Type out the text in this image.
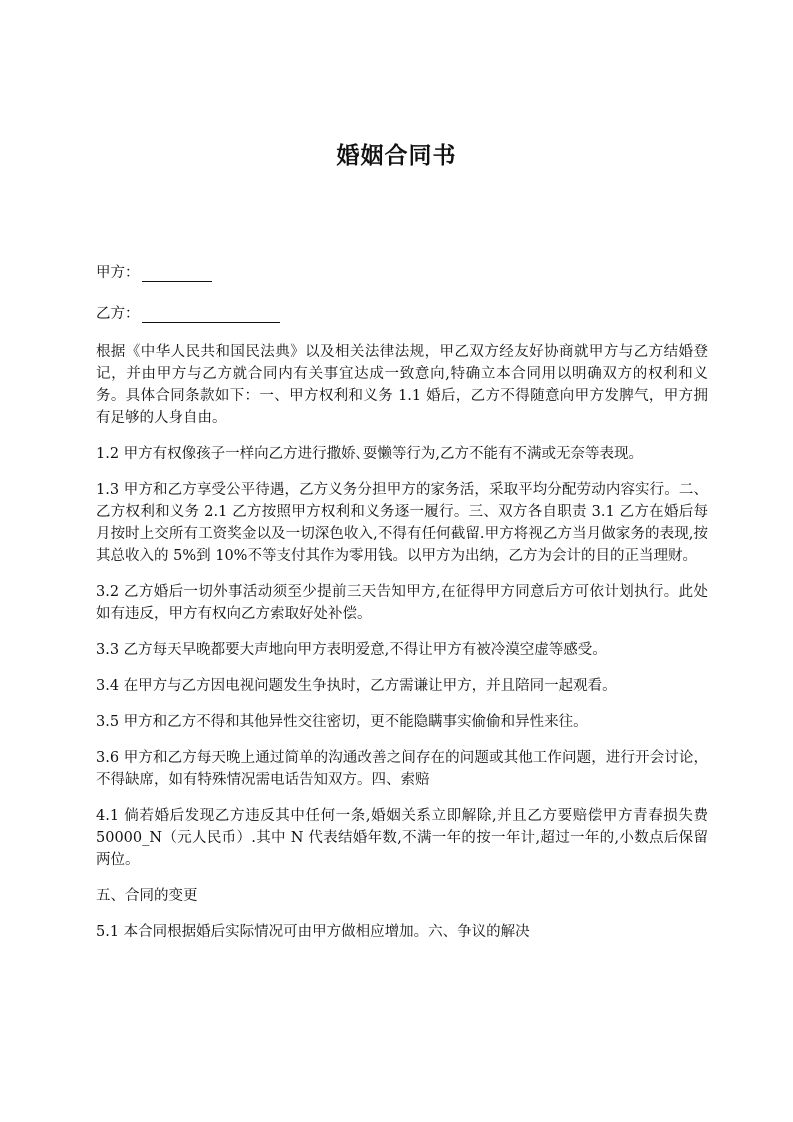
婚姻合同书
甲方：
乙方：

根据《中华人民共和国民法典》以及相关法律法规，甲乙双方经友好协商就甲方与乙方结婚登记，并由甲方与乙方就合同内有关事宜达成一致意向,特确立本合同用以明确双方的权利和义务。具体合同条款如下：一、甲方权利和义务 1.1 婚后，乙方不得随意向甲方发脾气，甲方拥有足够的人身自由。

1.2 甲方有权像孩子一样向乙方进行撒娇､耍懒等行为,乙方不能有不满或无奈等表现。

1.3 甲方和乙方享受公平待遇，乙方义务分担甲方的家务活，采取平均分配劳动内容实行。二、乙方权利和义务 2.1 乙方按照甲方权利和义务逐一履行。三、双方各自职责 3.1 乙方在婚后每月按时上交所有工资奖金以及一切深色收入,不得有任何截留.甲方将视乙方当月做家务的表现,按其总收入的 5%到 10%不等支付其作为零用钱。以甲方为出纳，乙方为会计的目的正当理财。

3.2 乙方婚后一切外事活动须至少提前三天告知甲方,在征得甲方同意后方可依计划执行。此处如有违反，甲方有权向乙方索取好处补偿。

3.3 乙方每天早晚都要大声地向甲方表明爱意,不得让甲方有被冷漠空虚等感受。

3.4 在甲方与乙方因电视问题发生争执时，乙方需谦让甲方，并且陪同一起观看。

3.5 甲方和乙方不得和其他异性交往密切，更不能隐瞒事实偷偷和异性来往。

3.6 甲方和乙方每天晚上通过简单的沟通改善之间存在的问题或其他工作问题，进行开会讨论，不得缺席，如有特殊情况需电话告知双方。四、索赔

4.1 倘若婚后发现乙方违反其中任何一条,婚姻关系立即解除,并且乙方要赔偿甲方青春损失费 50000_N（元人民币）.其中 N 代表结婚年数,不满一年的按一年计,超过一年的,小数点后保留两位。

五、合同的变更

5.1 本合同根据婚后实际情况可由甲方做相应增加。六、争议的解决
